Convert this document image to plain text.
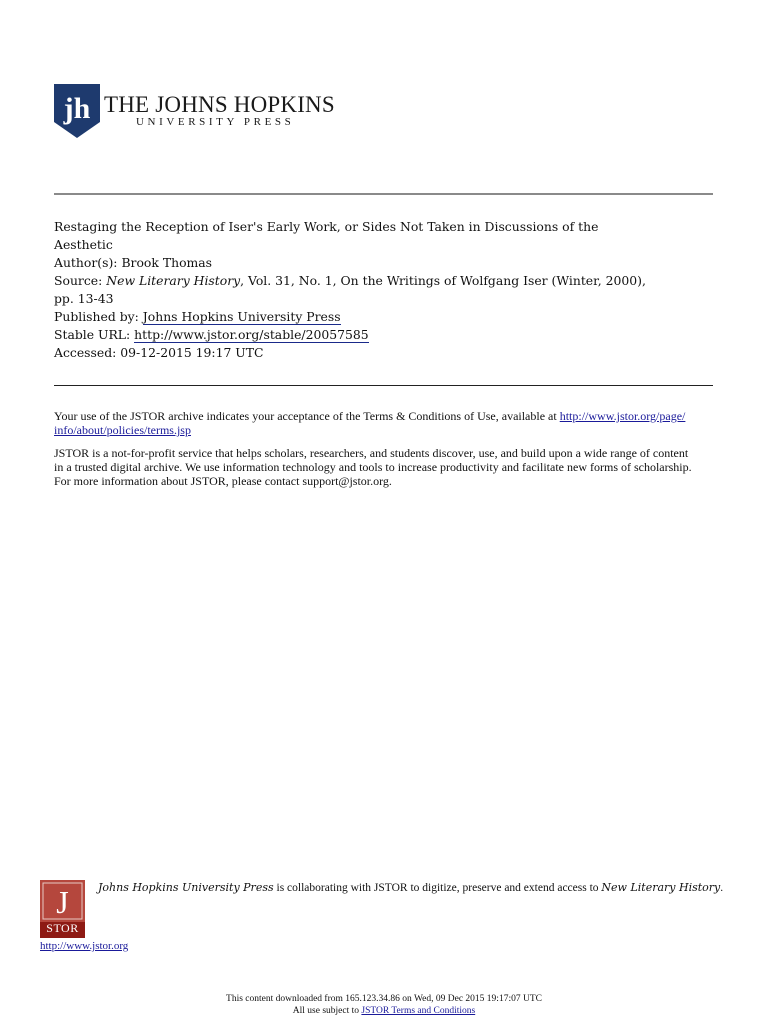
jh THE JOHNS HOPKINS
UNIVERSITY PRESS
Restaging the Reception of Iser's Early Work, or Sides Not Taken in Discussions of the
Aesthetic
Author(s): Brook Thomas
Source: New Literary History, Vol. 31, No. 1, On the Writings of Wolfgang Iser (Winter, 2000),
pp. 13-43
Published by: Johns Hopkins University Press
Stable URL: http://www.jstor.org/stable/20057585
Accessed: 09-12-2015 19:17 UTC

Your use of the JSTOR archive indicates your acceptance of the Terms & Conditions of Use, available at http://www.jstor.org/page/
info/about/policies/terms.jsp

JSTOR is a not-for-profit service that helps scholars, researchers, and students discover, use, and build upon a wide range of content
in a trusted digital archive. We use information technology and tools to increase productivity and facilitate new forms of scholarship.
For more information about JSTOR, please contact support@jstor.org.

J
STOR
http://www.jstor.org
Johns Hopkins University Press is collaborating with JSTOR to digitize, preserve and extend access to New Literary History.
This content downloaded from 165.123.34.86 on Wed, 09 Dec 2015 19:17:07 UTC
All use subject to JSTOR Terms and Conditions
